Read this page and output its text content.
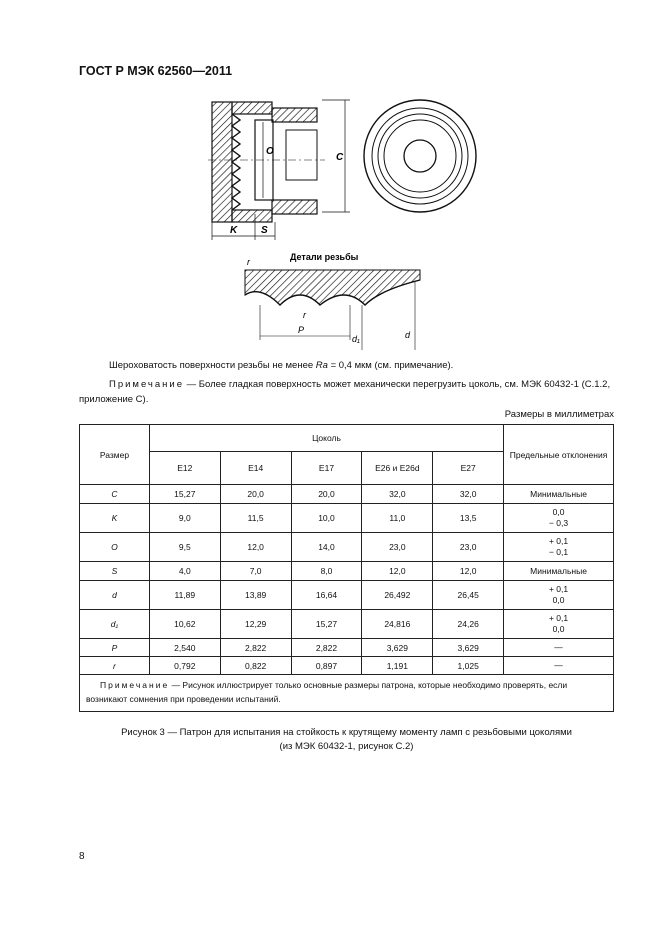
ГОСТ Р МЭК 62560—2011
K S
O
C
Детали резьбы
P
r
r
d₁	d
Шероховатость поверхности резьбы не менее Ra = 0,4 мкм (см. примечание).
Примечание — Более гладкая поверхность может механически перегрузить цоколь, см. МЭК 60432-1 (С.1.2, приложение С).
Размеры в миллиметрах
Размер	Цоколь					Предельные отклонения
	E12	E14	E17	E26 и E26d	E27	
C	15,27	20,0	20,0	32,0	32,0	Минимальные

K	9,0	11,5	10,0	11,0	13,5	0,0
− 0,3

O	9,5	12,0	14,0	23,0	23,0	+ 0,1
− 0,1

S	4,0	7,0	8,0	12,0	12,0	Минимальные

d	11,89	13,89	16,64	26,492	26,45	+ 0,1
0,0

d₁	10,62	12,29	15,27	24,816	24,26	+ 0,1
0,0

P	2,540	2,822	2,822	3,629	3,629	—

r	0,792	0,822	0,897	1,191	1,025	—

Примечание — Рисунок иллюстрирует только основные размеры патрона, которые необходимо проверять, если возникают сомнения при проведении испытаний.						
Рисунок 3 — Патрон для испытания на стойкость к крутящему моменту ламп с резьбовыми цоколями
(из МЭК 60432-1, рисунок С.2)
8
